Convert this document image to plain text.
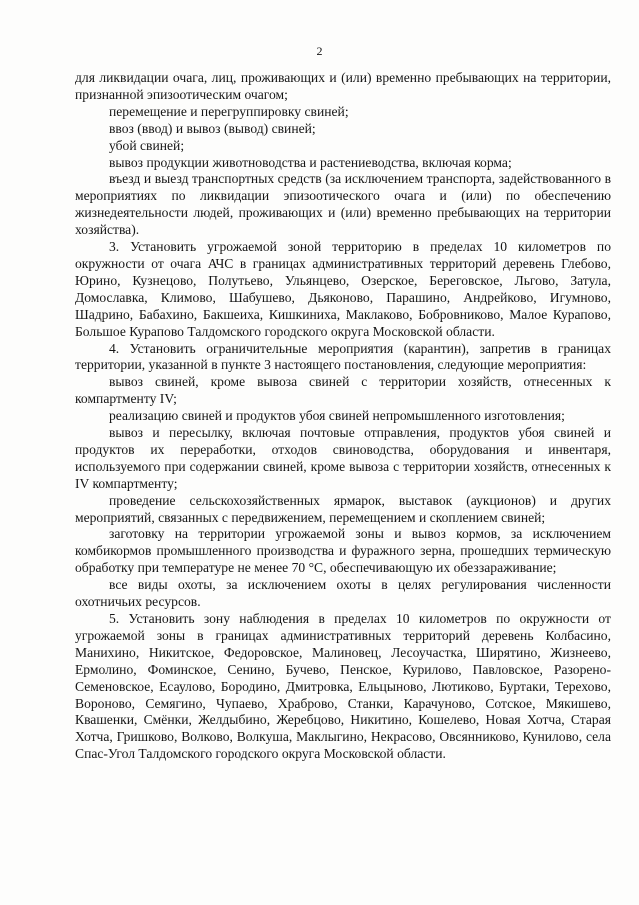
2

для ликвидации очага, лиц, проживающих и (или) временно пребывающих на территории, признанной эпизоотическим очагом;

перемещение и перегруппировку свиней;

ввоз (ввод) и вывоз (вывод) свиней;

убой свиней;

вывоз продукции животноводства и растениеводства, включая корма;

въезд и выезд транспортных средств (за исключением транспорта, задействованного в мероприятиях по ликвидации эпизоотического очага и (или) по обеспечению жизнедеятельности людей, проживающих и (или) временно пребывающих на территории хозяйства).

3. Установить угрожаемой зоной территорию в пределах 10 километров по окружности от очага АЧС в границах административных территорий деревень Глебово, Юрино, Кузнецово, Полутьево, Ульянцево, Озерское, Береговское, Льгово, Затула, Домославка, Климово, Шабушево, Дьяконово, Парашино, Андрейково, Игумново, Шадрино, Бабахино, Бакшеиха, Кишкиниха, Маклаково, Бобровниково, Малое Курапово, Большое Курапово Талдомского городского округа Московской области.

4. Установить ограничительные мероприятия (карантин), запретив в границах территории, указанной в пункте 3 настоящего постановления, следующие мероприятия:

вывоз свиней, кроме вывоза свиней с территории хозяйств, отнесенных к компартменту IV;

реализацию свиней и продуктов убоя свиней непромышленного изготовления;

вывоз и пересылку, включая почтовые отправления, продуктов убоя свиней и продуктов их переработки, отходов свиноводства, оборудования и инвентаря, используемого при содержании свиней, кроме вывоза с территории хозяйств, отнесенных к IV компартменту;

проведение сельскохозяйственных ярмарок, выставок (аукционов) и других мероприятий, связанных с передвижением, перемещением и скоплением свиней;

заготовку на территории угрожаемой зоны и вывоз кормов, за исключением комбикормов промышленного производства и фуражного зерна, прошедших термическую обработку при температуре не менее 70 °С, обеспечивающую их обеззараживание;

все виды охоты, за исключением охоты в целях регулирования численности охотничьих ресурсов.

5. Установить зону наблюдения в пределах 10 километров по окружности от угрожаемой зоны в границах административных территорий деревень Колбасино, Манихино, Никитское, Федоровское, Малиновец, Лесоучастка, Ширятино, Жизнеево, Ермолино, Фоминское, Сенино, Бучево, Пенское, Курилово, Павловское, Разорено-Семеновское, Есаулово, Бородино, Дмитровка, Ельцыново, Лютиково, Буртаки, Терехово, Вороново, Семягино, Чупаево, Храброво, Станки, Карачуново, Сотское, Мякишево, Квашенки, Смёнки, Желдыбино, Жеребцово, Никитино, Кошелево, Новая Хотча, Старая Хотча, Гришково, Волково, Волкуша, Маклыгино, Некрасово, Овсянниково, Кунилово, села Спас-Угол Талдомского городского округа Московской области.
